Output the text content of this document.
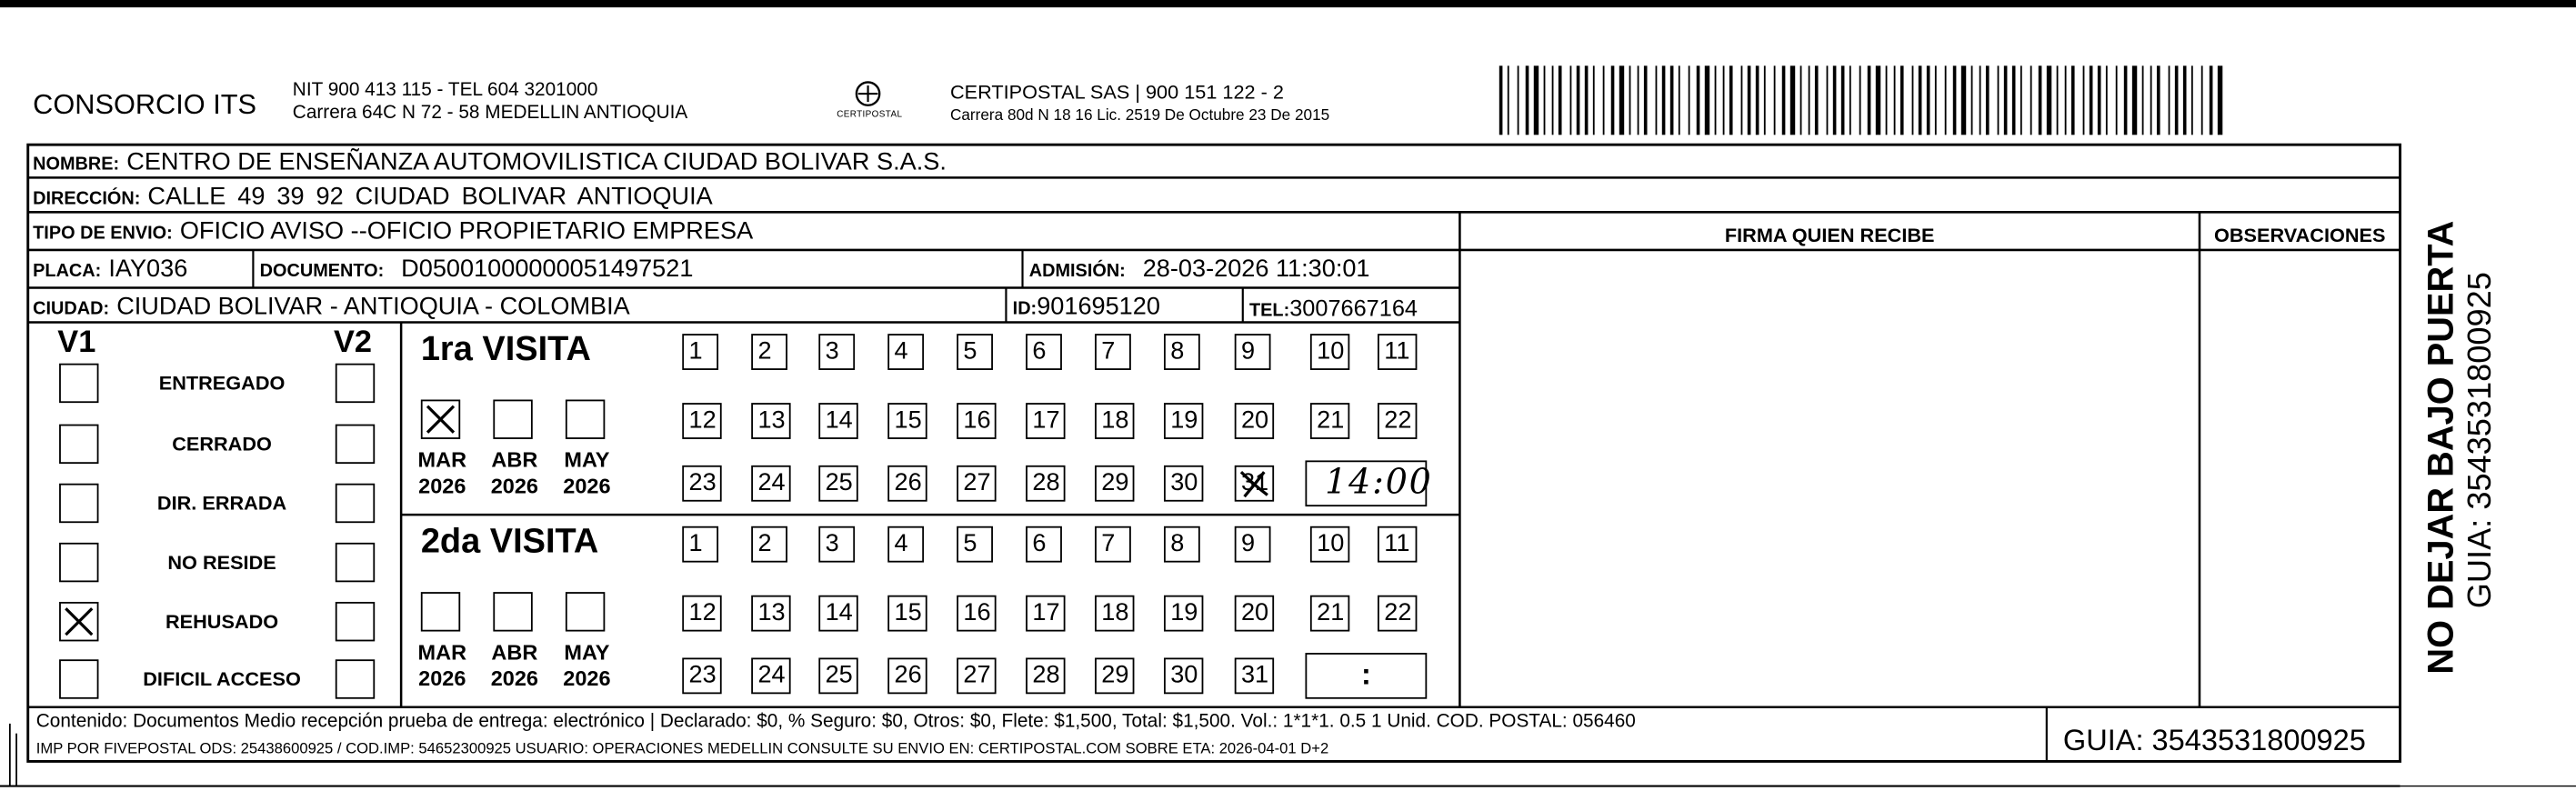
CONSORCIO ITS	NIT 900 413 115 - TEL 604 3201000
Carrera 64C N 72 - 58 MEDELLIN ANTIOQUIA	CERTIPOSTAL
CERTIPOSTAL SAS | 900 151 122 - 2
Carrera 80d N 18 16 Lic. 2519 De Octubre 23 De 2015
NOMBRE: CENTRO DE ENSEÑANZA AUTOMOVILISTICA CIUDAD BOLIVAR S.A.S.
DIRECCIÓN: CALLE 49 39 92 CIUDAD BOLIVAR ANTIOQUIA
TIPO DE ENVIO: OFICIO AVISO -‑OFICIO PROPIETARIO EMPRESA
PLACA: IAY036	DOCUMENTO: D05001000000051497521	ADMISIÓN: 28-03-2026 11:30:01
CIUDAD: CIUDAD BOLIVAR - ANTIOQUIA - COLOMBIA	ID:901695120	TEL:3007667164
FIRMA QUIEN RECIBE	OBSERVACIONES
V1	V2
ENTREGADO
CERRADO
DIR. ERRADA
NO RESIDE
REHUSADO
DIFICIL ACCESO
1ra VISITA
MAR
2026
ABR
2026
MAY
2026
1	2	3	4	5	6	7	8	9	10	11
12	13	14	15	16	17	18	19	20	21	22
23	24	25	26	27	28	29	30	31	14:00
2da VISITA
MAR
2026
ABR
2026
MAY
2026
1	2	3	4	5	6	7	8	9	10	11
12	13	14	15	16	17	18	19	20	21	22
23	24	25	26	27	28	29	30	31	:
Contenido: Documentos Medio recepción prueba de entrega: electrónico | Declarado: $0, % Seguro: $0, Otros: $0, Flete: $1,500, Total: $1,500. Vol.: 1*1*1. 0.5 1 Unid. COD. POSTAL: 056460
IMP POR FIVEPOSTAL ODS: 25438600925 / COD.IMP: 54652300925 USUARIO: OPERACIONES MEDELLIN CONSULTE SU ENVIO EN: CERTIPOSTAL.COM SOBRE ETA: 2026-04-01 D+2	GUIA: 3543531800925
NO DEJAR BAJO PUERTA GUIA: 3543531800925
